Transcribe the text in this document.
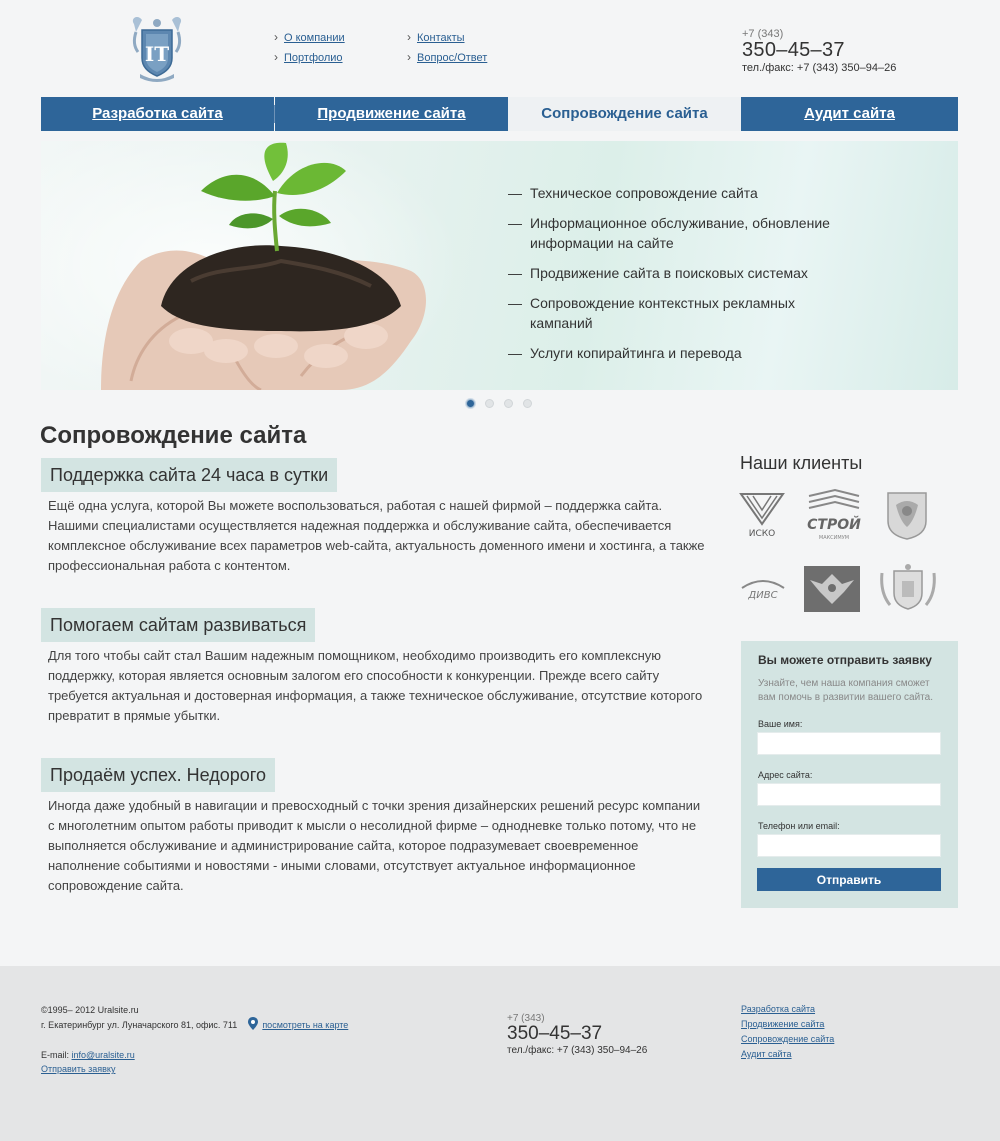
IT
› О компании
› Портфолио
› Контакты
› Вопрос/Ответ
+7 (343)
350–45–37
тел./факс: +7 (343) 350–94–26
Разработка сайта	Продвижение сайта	Сопровождение сайта	Аудит сайта
— Техническое сопровождение сайта
— Информационное обслуживание, обновление информации на сайте
— Продвижение сайта в поисковых системах
— Сопровождение контекстных рекламных кампаний
— Услуги копирайтинга и перевода
Сопровождение сайта
Поддержка сайта 24 часа в сутки

Ещё одна услуга, которой Вы можете воспользоваться, работая с нашей фирмой – поддержка сайта. Нашими специалистами осуществляется надежная поддержка и обслуживание сайта, обеспечивается комплексное обслуживание всех параметров web-сайта, актуальность доменного имени и хостинга, а также профессиональная работа с контентом.

Помогаем сайтам развиваться

Для того чтобы сайт стал Вашим надежным помощником, необходимо производить его комплексную поддержку, которая является основным залогом его способности к конкуренции. Прежде всего сайту требуется актуальная и достоверная информация, а также техническое обслуживание, отсутствие которого превратит в прямые убытки.

Продаём успех. Недорого

Иногда даже удобный в навигации и превосходный с точки зрения дизайнерских решений ресурс компании с многолетним опытом работы приводит к мысли о несолидной фирме – однодневке только потому, что не выполняется обслуживание и администрирование сайта, которое подразумевает своевременное наполнение событиями и новостями - иными словами, отсутствует актуальное информационное сопровождение сайта.

Наши клиенты
ИСКО
СТРОЙ
МАКСИМУМ
ДИВС
Вы можете отправить заявку
Узнайте, чем наша компания сможет вам помочь в развитии вашего сайта.
Ваше имя:
Адрес сайта:
Телефон или email:
Отправить
©1995– 2012 Uralsite.ru
г. Екатеринбург ул. Луначарского 81, офис. 711	посмотреть на карте
E-mail: info@uralsite.ru
Отправить заявку
+7 (343)
350–45–37
тел./факс: +7 (343) 350–94–26
Разработка сайта
Продвижение сайта
Сопровождение сайта
Аудит сайта
